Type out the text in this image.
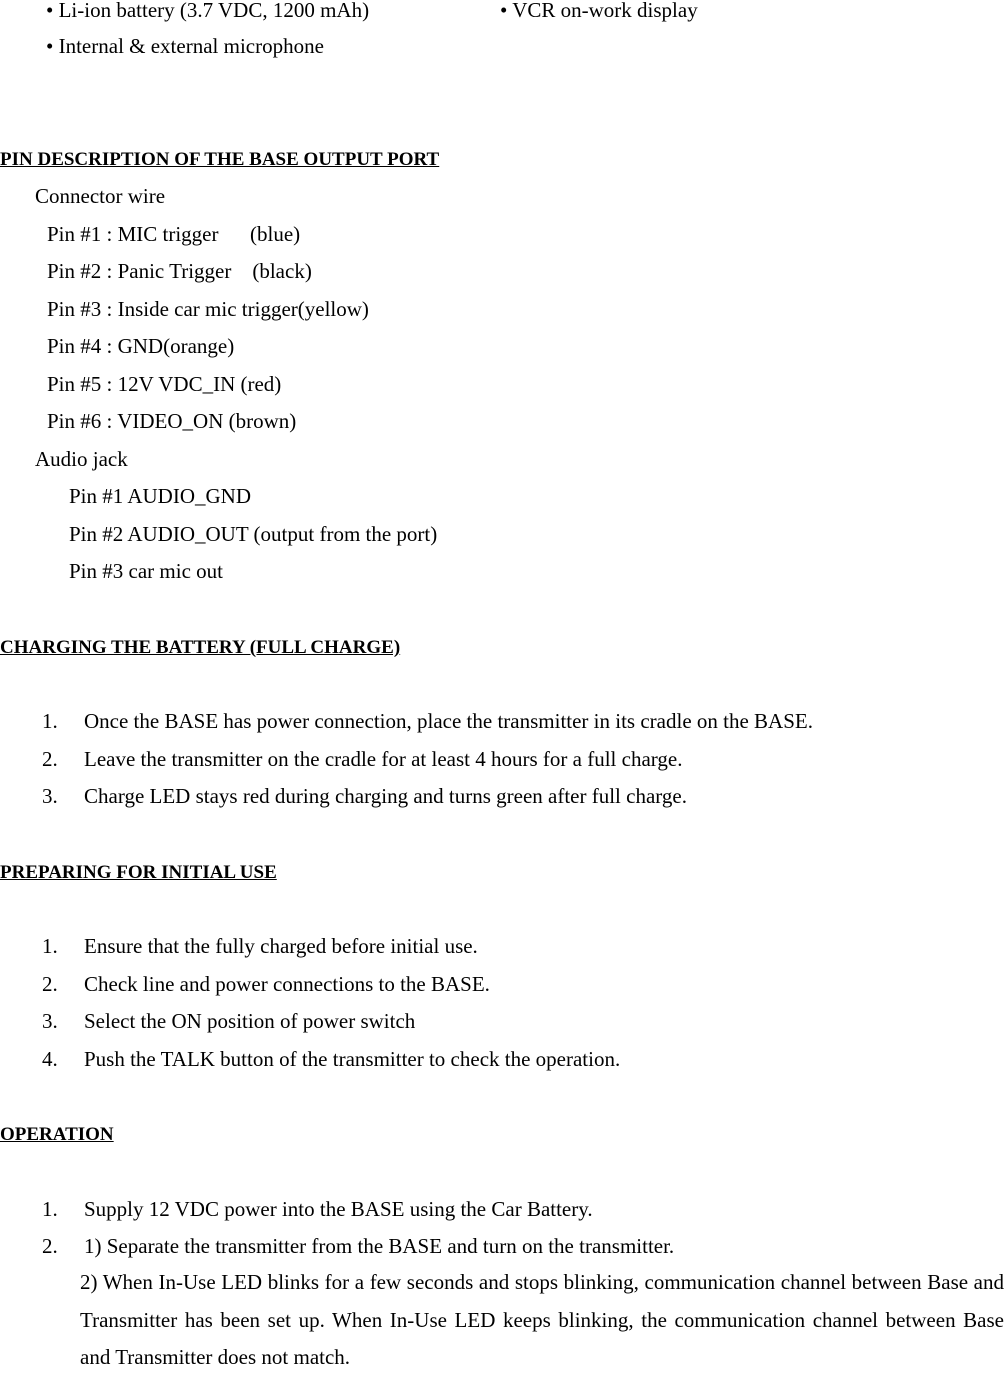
• Li-ion battery (3.7 VDC, 1200 mAh)	• VCR on-work display
• Internal & external microphone
PIN DESCRIPTION OF THE BASE OUTPUT PORT
Connector wire
Pin #1 : MIC trigger      (blue)
Pin #2 : Panic Trigger    (black)
Pin #3 : Inside car mic trigger(yellow)
Pin #4 : GND(orange)
Pin #5 : 12V VDC_IN (red)
Pin #6 : VIDEO_ON (brown)
Audio jack
Pin #1 AUDIO_GND
Pin #2 AUDIO_OUT (output from the port)
Pin #3 car mic out
CHARGING THE BATTERY (FULL CHARGE)
1. Once the BASE has power connection, place the transmitter in its cradle on the BASE.
2. Leave the transmitter on the cradle for at least 4 hours for a full charge.
3. Charge LED stays red during charging and turns green after full charge.
PREPARING FOR INITIAL USE
1. Ensure that the fully charged before initial use.
2. Check line and power connections to the BASE.
3. Select the ON position of power switch
4. Push the TALK button of the transmitter to check the operation.
OPERATION
1. Supply 12 VDC power into the BASE using the Car Battery.
2. 1) Separate the transmitter from the BASE and turn on the transmitter.
2) When In-Use LED blinks for a few seconds and stops blinking, communication channel between Base and Transmitter has been set up. When In-Use LED keeps blinking, the communication channel between Base and Transmitter does not match.
